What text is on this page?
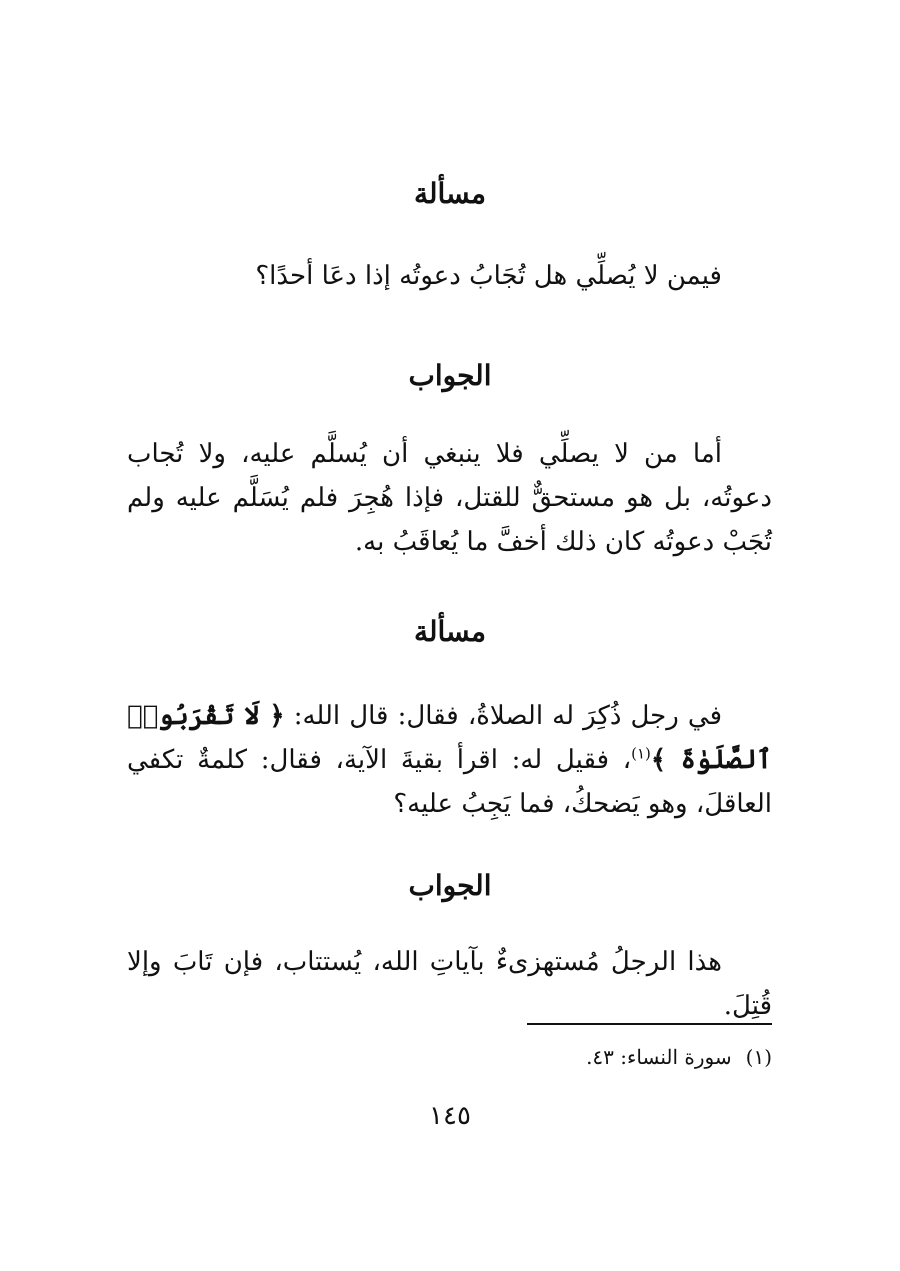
مسألة

فيمن لا يُصلِّي هل تُجَابُ دعوتُه إذا دعَا أحدًا؟

الجواب

أما من لا يصلِّي فلا ينبغي أن يُسلَّم عليه، ولا تُجاب دعوتُه، بل هو مستحقٌّ للقتل، فإذا هُجِرَ فلم يُسَلَّم عليه ولم تُجَبْ دعوتُه كان ذلك أخفَّ ما يُعاقَبُ به.

مسألة

في رجل ذُكِرَ له الصلاةُ، فقال: قال الله: ﴿ لَا تَقْرَبُوا۟ ٱلصَّلَوٰةَ ﴾$^{(١)}$، فقيل له: اقرأ بقيةَ الآية، فقال: كلمةٌ تكفي العاقلَ، وهو يَضحكُ، فما يَجِبُ عليه؟

الجواب

هذا الرجلُ مُستهزىءٌ بآياتِ الله، يُستتاب، فإن تَابَ وإلا قُتِلَ.

(١)سورة النساء: ٤٣.
١٤٥
